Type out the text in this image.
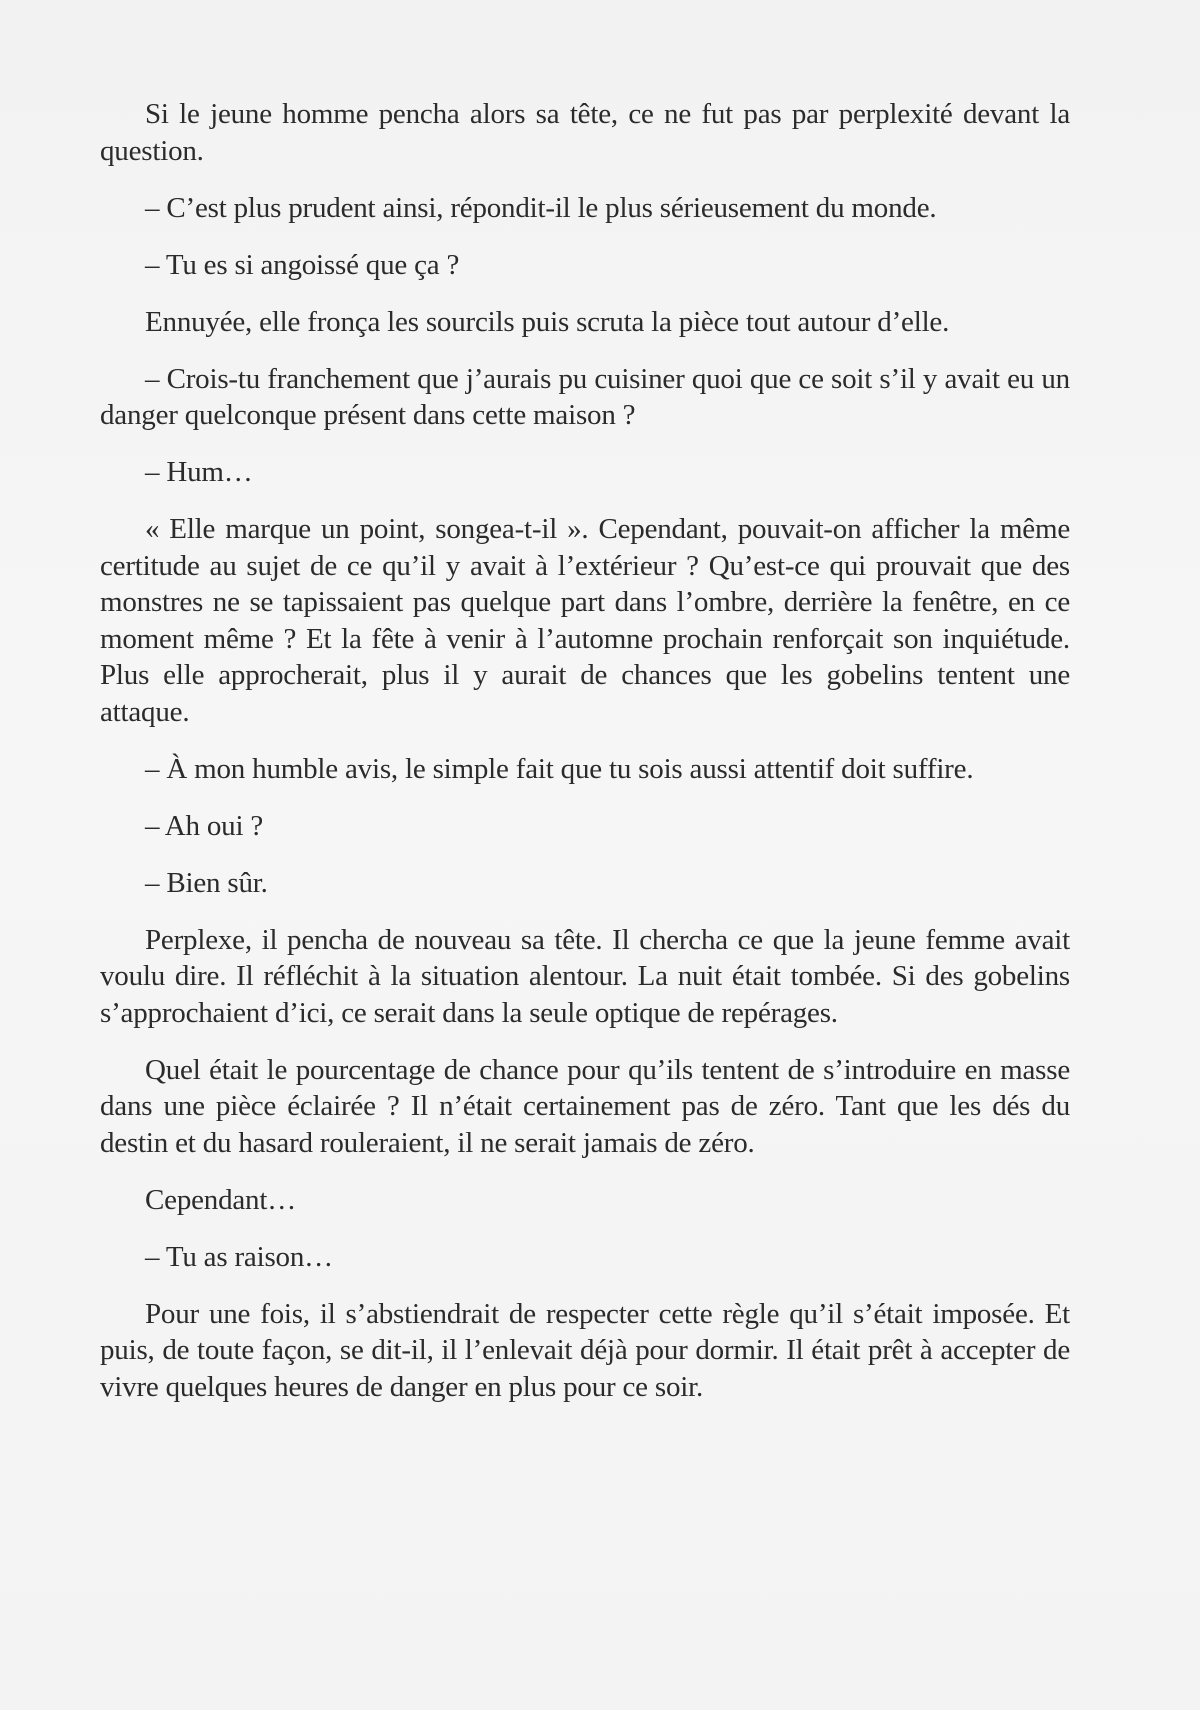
Si le jeune homme pencha alors sa tête, ce ne fut pas par perplexité devant la question.

– C’est plus prudent ainsi, répondit-il le plus sérieusement du monde.

– Tu es si angoissé que ça ?

Ennuyée, elle fronça les sourcils puis scruta la pièce tout autour d’elle.

– Crois-tu franchement que j’aurais pu cuisiner quoi que ce soit s’il y avait eu un danger quelconque présent dans cette maison ?

– Hum…

« Elle marque un point, songea-t-il ». Cependant, pouvait-on afficher la même certitude au sujet de ce qu’il y avait à l’extérieur ? Qu’est-ce qui prouvait que des monstres ne se tapissaient pas quelque part dans l’ombre, derrière la fenêtre, en ce moment même ? Et la fête à venir à l’automne prochain renforçait son inquiétude. Plus elle approcherait, plus il y aurait de chances que les gobelins tentent une attaque.

– À mon humble avis, le simple fait que tu sois aussi attentif doit suffire.

– Ah oui ?

– Bien sûr.

Perplexe, il pencha de nouveau sa tête. Il chercha ce que la jeune femme avait voulu dire. Il réfléchit à la situation alentour. La nuit était tombée. Si des gobelins s’approchaient d’ici, ce serait dans la seule optique de repérages.

Quel était le pourcentage de chance pour qu’ils tentent de s’introduire en masse dans une pièce éclairée ? Il n’était certainement pas de zéro. Tant que les dés du destin et du hasard rouleraient, il ne serait jamais de zéro.

Cependant…

– Tu as raison…

Pour une fois, il s’abstiendrait de respecter cette règle qu’il s’était imposée. Et puis, de toute façon, se dit-il, il l’enlevait déjà pour dormir. Il était prêt à accepter de vivre quelques heures de danger en plus pour ce soir.
